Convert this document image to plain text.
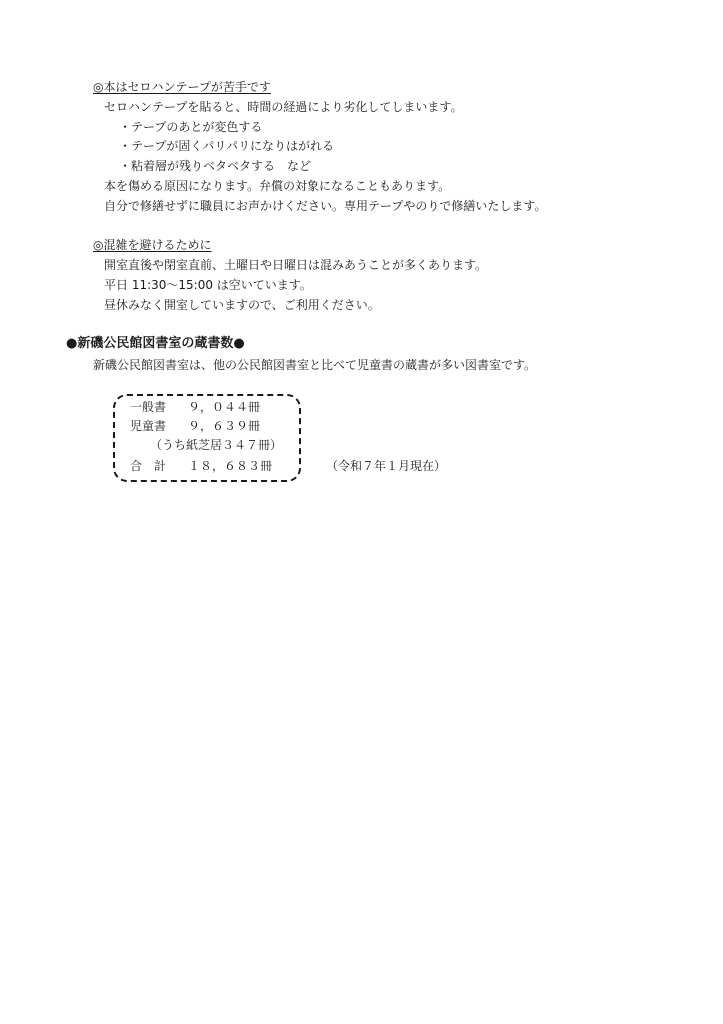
◎本はセロハンテープが苦手です
セロハンテープを貼ると、時間の経過により劣化してしまいます。
・テープのあとが変色する
・テープが固くパリパリになりはがれる
・粘着層が残りベタベタする　など
本を傷める原因になります。弁償の対象になることもあります。
自分で修繕せずに職員にお声かけください。専用テープやのりで修繕いたします。
◎混雑を避けるために
開室直後や閉室直前、土曜日や日曜日は混みあうことが多くあります。
平日 11:30～15:00 は空いています。
昼休みなく開室していますので、ご利用ください。
●新磯公民館図書室の蔵書数●
新磯公民館図書室は、他の公民館図書室と比べて児童書の蔵書が多い図書室です。
一般書 ９，０４４冊
児童書 ９，６３９冊
（うち紙芝居３４７冊）
合　計 １８，６８３冊	（令和７年１月現在）
